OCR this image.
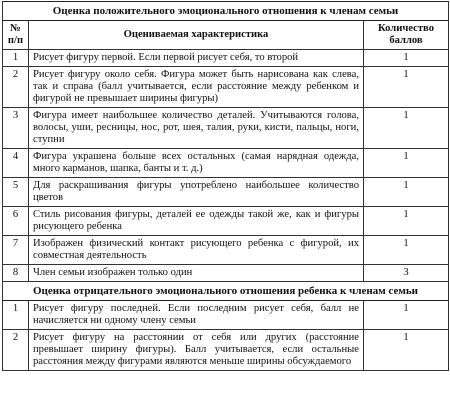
Оценка положительного эмоционального отношения к членам семьи		
№ п/п	Оцениваемая характеристика	Количество баллов
1	Рисует фигуру первой. Если первой рисует себя, то второй	1
2	Рисует фигуру около себя. Фигура может быть нарисована как слева, так и справа (балл учитывается, если расстояние между ребенком и фигурой не превышает ширины фигуры)	1
3	Фигура имеет наибольшее количество деталей. Учитываются голова, волосы, уши, ресницы, нос, рот, шея, талия, руки, кисти, пальцы, ноги, ступни	1
4	Фигура украшена больше всех остальных (самая нарядная одежда, много карманов, шапка, банты и т. д.)	1
5	Для раскрашивания фигуры употреблено наибольшее количество цветов	1
6	Стиль рисования фигуры, деталей ее одежды такой же, как и фигуры рисующего ребенка	1
7	Изображен физический контакт рисующего ребенка с фигурой, их совместная деятельность	1
8	Член семьи изображен только один	3
Оценка отрицательного эмоционального отношения ребенка к членам семьи		
1	Рисует фигуру последней. Если последним рисует себя, балл не начисляется ни одному члену семьи	1
2	Рисует фигуру на расстоянии от себя или других (расстояние превышает ширину фигуры). Балл учитывается, если остальные расстояния между фигурами являются меньше ширины обсуждаемого	1
